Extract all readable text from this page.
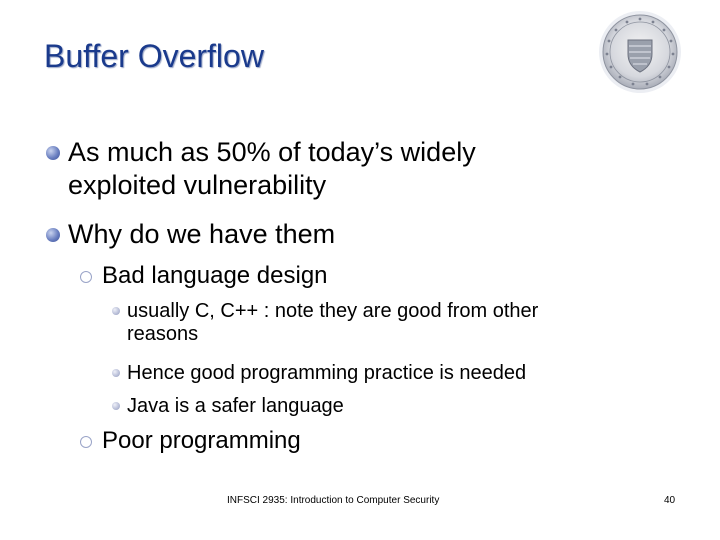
Buffer Overflow
As much as 50% of today’s widely
exploited vulnerability
Why do we have them
Bad language design
usually C, C++ : note they are good from other
reasons
Hence good programming practice is needed
Java is a safer language
Poor programming
INFSCI 2935: Introduction to Computer Security	40
